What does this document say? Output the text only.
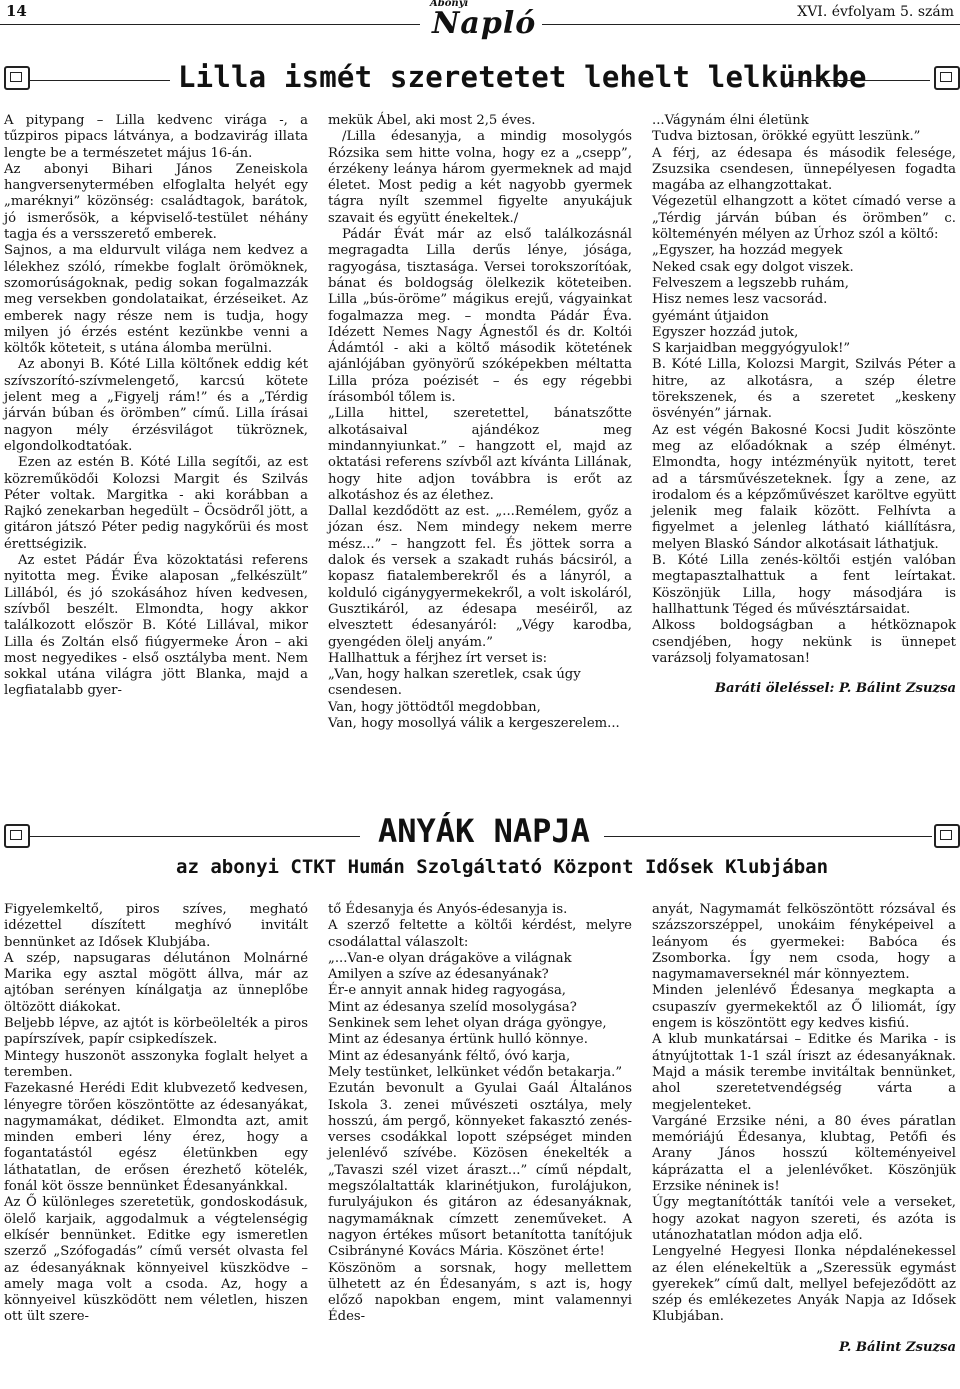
14	Abonyi
Napló	XVI. évfolyam 5. szám
Lilla ismét szeretetet lehelt lelkünkbe

A pitypang – Lilla kedvenc virága -, a tűzpiros pipacs látványa, a bodzavirág illata lengte be a természetet május 16-án.

Az abonyi Bihari János Zeneiskola hangversenytermében elfoglalta helyét egy „maréknyi” közönség: családtagok, barátok, jó ismerősök, a képviselő-testület néhány tagja és a versszerető emberek.

Sajnos, a ma eldurvult világa nem kedvez a lélekhez szóló, rímekbe foglalt örömöknek, szomorúságoknak, pedig sokan fogalmazzák meg versekben gondolataikat, érzéseiket. Az emberek nagy része nem is tudja, hogy milyen jó érzés estént kezünkbe venni a költők köteteit, s utána álomba merülni.

Az abonyi B. Kóté Lilla költőnek eddig két szívszorító-szívmelengető, karcsú kötete jelent meg a „Figyelj rám!” és a „Térdig járván búban és örömben” című. Lilla írásai nagyon mély érzésvilágot tükröznek, elgondolkodtatóak.

Ezen az estén B. Kóté Lilla segítői, az est közreműködői Kolozsi Margit és Szilvás Péter voltak. Margitka - aki korábban a Rajkó zenekarban hegedült – Öcsödről jött, a gitáron játszó Péter pedig nagykőrüi és most érettségizik.

Az estet Pádár Éva közoktatási referens nyitotta meg. Évike alaposan „felkészült” Lillából, és jó szokásához híven kedvesen, szívből beszélt. Elmondta, hogy akkor találkozott először B. Kóté Lillával, mikor Lilla és Zoltán első fiúgyermeke Áron – aki most negyedikes - első osztályba ment. Nem sokkal utána világra jött Blanka, majd a legfiatalabb gyer-

mekük Ábel, aki most 2,5 éves.

/Lilla édesanyja, a mindig mosolygós Rózsika sem hitte volna, hogy ez a „csepp”, érzékeny leánya három gyermeknek ad majd életet. Most pedig a két nagyobb gyermek tágra nyílt szemmel figyelte anyukájuk szavait és együtt énekeltek./

Pádár Évát már az első találkozásnál megragadta Lilla derűs lénye, jósága, ragyogása, tisztasága. Versei torokszorítóak, bánat és boldogság ölelkezik köteteiben. Lilla „bús-öröme” mágikus erejű, vágyainkat fogalmazza meg. – mondta Pádár Éva. Idézett Nemes Nagy Ágnestől és dr. Koltói Ádámtól - aki a költő második kötetének ajánlójában gyönyörű szóképekben méltatta Lilla próza poézisét – és egy régebbi írásomból tőlem is.

„Lilla hittel, szeretettel, bánatszőtte alkotásaival ajándékoz meg mindannyiunkat.” – hangzott el, majd az oktatási referens szívből azt kívánta Lillának, hogy hite adjon továbbra is erőt az alkotáshoz és az élethez.

Dallal kezdődött az est. „...Remélem, győz a józan ész. Nem mindegy nekem merre mész...” – hangzott fel. És jöttek sorra a dalok és versek a szakadt ruhás bácsiról, a kopasz fiatalemberekről és a lányról, a kolduló cigánygyermekekről, a volt iskoláról, Gusztikáról, az édesapa meséiről, az elvesztett édesanyáról: „Végy karodba, gyengéden ölelj anyám.”

Hallhattuk a férjhez írt verset is:

„Van, hogy halkan szeretlek, csak úgy csendesen.

Van, hogy jöttödtől megdobban,

Van, hogy mosollyá válik a kergeszerelem...

...Vágynám élni életünk

Tudva biztosan, örökké együtt leszünk.”

A férj, az édesapa és második felesége, Zsuzsika csendesen, ünnepélyesen fogadta magába az elhangzottakat.

Végezetül elhangzott a kötet címadó verse a „Térdig járván búban és örömben” c. költeményén mélyen az Úrhoz szól a költő:

„Egyszer, ha hozzád megyek

Neked csak egy dolgot viszek.

Felveszem a legszebb ruhám,

Hisz nemes lesz vacsorád.

gyémánt útjaidon

Egyszer hozzád jutok,

S karjaidban meggyógyulok!”

B. Kóté Lilla, Kolozsi Margit, Szilvás Péter a hitre, az alkotásra, a szép életre törekszenek, és a szeretet „keskeny ösvényén” járnak.

Az est végén Bakosné Kocsi Judit köszönte meg az előadóknak a szép élményt. Elmondta, hogy intézményük nyitott, teret ad a társművészeteknek. Így a zene, az irodalom és a képzőművészet karöltve együtt jelenik meg falaik között. Felhívta a figyelmet a jelenleg látható kiállításra, melyen Blaskó Sándor alkotásait láthatjuk.

B. Kóté Lilla zenés-költői estjén valóban megtapasztalhattuk a fent leírtakat. Köszönjük Lilla, hogy másodjára is hallhattunk Téged és művésztársaidat.

Alkoss boldogságban a hétköznapok csendjében, hogy nekünk is ünnepet varázsolj folyamatosan!

Baráti öleléssel: P. Bálint Zsuzsa

ANYÁK NAPJA
az abonyi CTKT Humán Szolgáltató Központ Idősek Klubjában

Figyelemkeltő, piros szíves, megható idézettel díszített meghívó invitált bennünket az Idősek Klubjába.

A szép, napsugaras délutánon Molnárné Marika egy asztal mögött állva, már az ajtóban serényen kínálgatja az ünneplőbe öltözött diákokat.

Beljebb lépve, az ajtót is körbeölelték a piros papírszívek, papír csipkedíszek.

Mintegy huszonöt asszonyka foglalt helyet a teremben.

Fazekasné Herédi Edit klubvezető kedvesen, lényegre törően köszöntötte az édesanyákat, nagymamákat, dédiket. Elmondta azt, amit minden emberi lény érez, hogy a fogantatástól egész életünkben egy láthatatlan, de erősen érezhető kötelék, fonál köt össze bennünket Édesanyánkkal.

Az Ő különleges szeretetük, gondoskodásuk, ölelő karjaik, aggodalmuk a végtelenségig elkísér bennünket. Editke egy ismeretlen szerző „Szófogadás” című versét olvasta fel az édesanyáknak könnyeivel küszködve – amely maga volt a csoda. Az, hogy a könnyeivel küszködött nem véletlen, hiszen ott ült szere-

tő Édesanyja és Anyós-édesanyja is.

A szerző feltette a költői kérdést, melyre csodálattal válaszolt:

„...Van-e olyan drágaköve a világnak

Amilyen a szíve az édesanyának?

Ér-e annyit annak hideg ragyogása,

Mint az édesanya szelíd mosolygása?

Senkinek sem lehet olyan drága gyöngye,

Mint az édesanya értünk hulló könnye.

Mint az édesanyánk féltő, óvó karja,

Mely testünket, lelkünket védőn betakarja.”

Ezután bevonult a Gyulai Gaál Általános Iskola 3. zenei művészeti osztálya, mely hosszú, ám pergő, könnyeket fakasztó zenés-verses csodákkal lopott szépséget minden jelenlévő szívébe. Közösen énekelték a „Tavaszi szél vizet áraszt...” című népdalt, megszólaltatták klarinétjukon, furolájukon, furulyájukon és gitáron az édesanyáknak, nagymamáknak címzett zeneműveket. A nagyon értékes műsort betanította tanítójuk Csibrányné Kovács Mária. Köszönet érte!

Köszönöm a sorsnak, hogy mellettem ülhetett az én Édesanyám, s azt is, hogy előző napokban engem, mint valamennyi Édes-

anyát, Nagymamát felköszöntött rózsával és százszorszéppel, unokáim fényképeivel a leányom és gyermekei: Babóca és Zsomborka. Így nem csoda, hogy a nagymamaverseknél már könnyeztem.

Minden jelenlévő Édesanya megkapta a csupaszív gyermekektől az Ő liliomát, így engem is köszöntött egy kedves kisfiú.

A klub munkatársai – Editke és Marika - is átnyújtottak 1-1 szál íriszt az édesanyáknak. Majd a másik terembe invitáltak bennünket, ahol szeretetvendégség várta a megjelenteket.

Vargáné Erzsike néni, a 80 éves páratlan memóriájú Édesanya, klubtag, Petőfi és Arany János hosszú költeményeivel káprázatta el a jelenlévőket. Köszönjük Erzsike néninek is!

Úgy megtanítótták tanítói vele a verseket, hogy azokat nagyon szereti, és azóta is utánozhatatlan módon adja elő.

Lengyelné Hegyesi Ilonka népdalénekessel az élen elénekeltük a „Szeressük egymást gyerekek” című dalt, mellyel befejeződött az szép és emlékezetes Anyák Napja az Idősek Klubjában.

P. Bálint Zsuzsa
